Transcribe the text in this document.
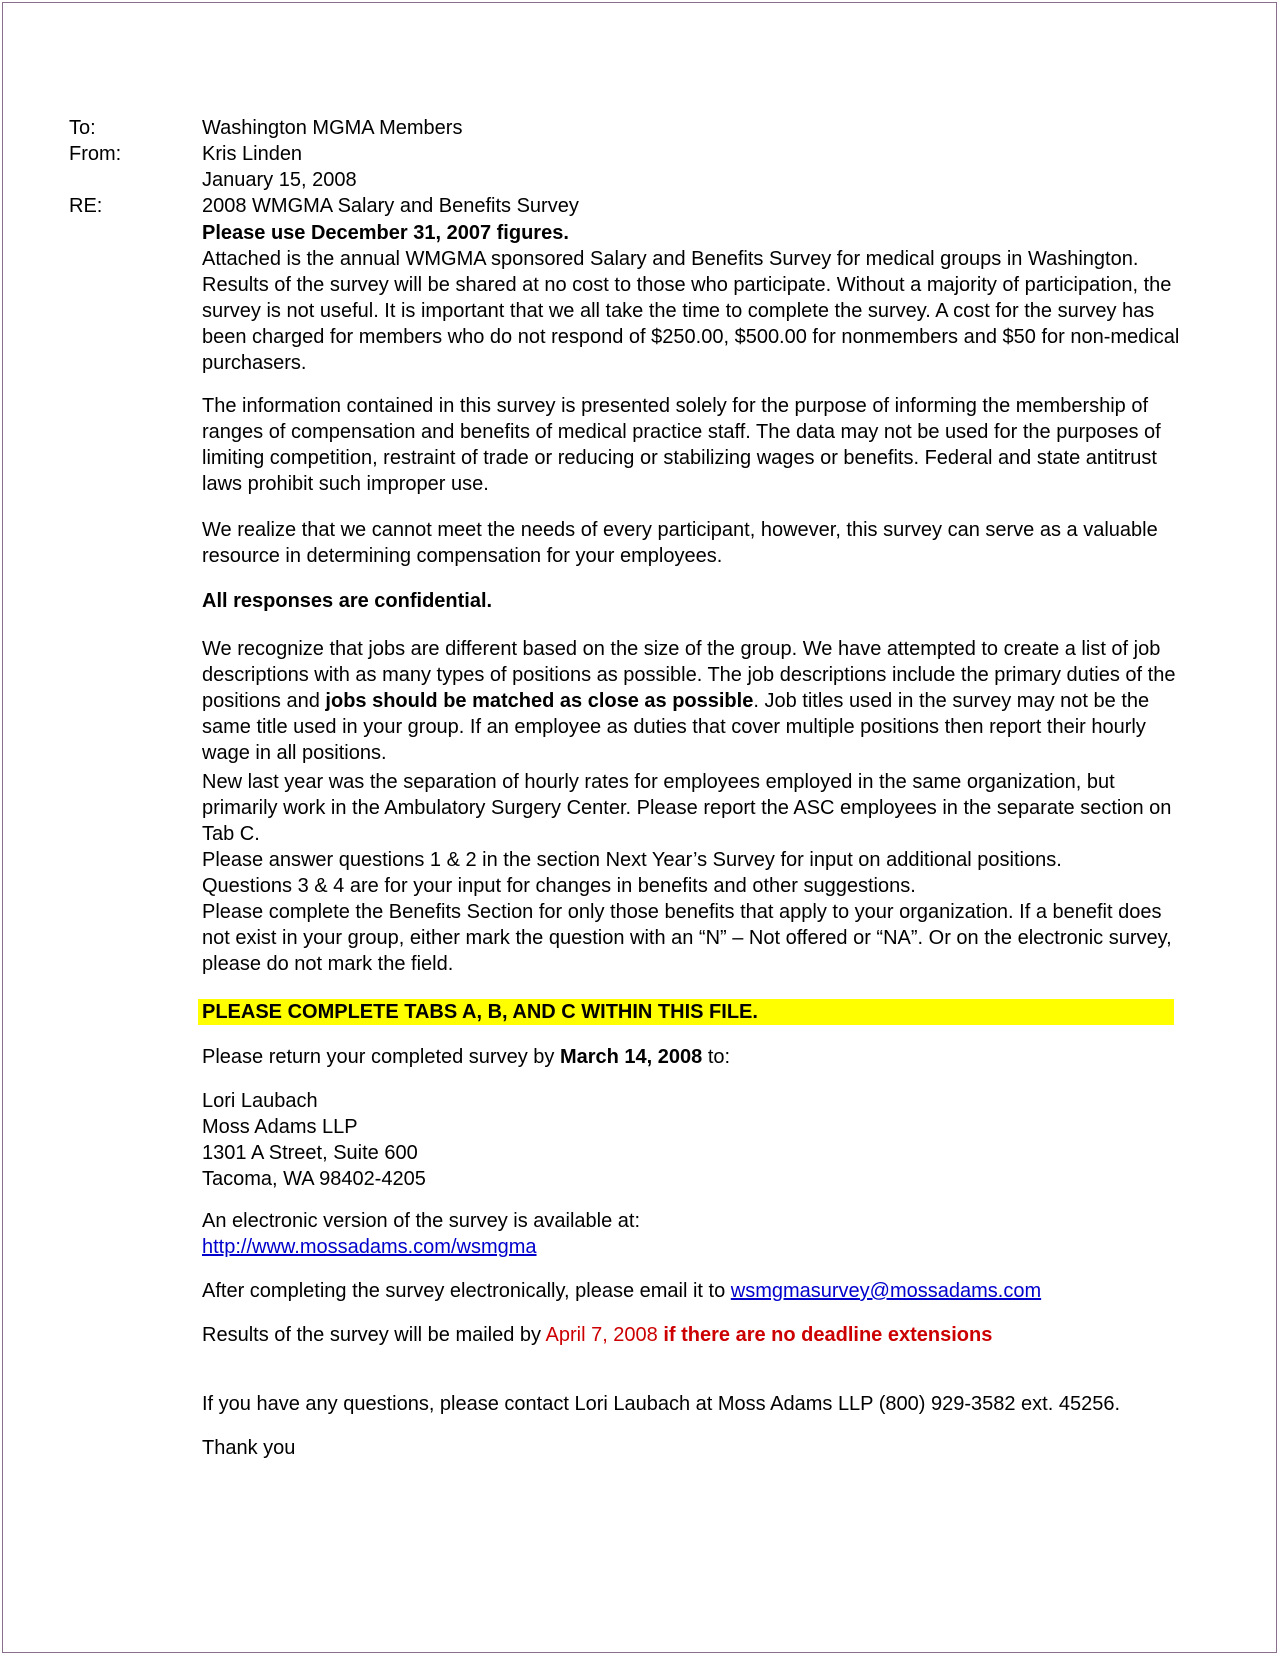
To:
From:
RE:
Washington MGMA Members
Kris Linden
January 15, 2008
2008 WMGMA Salary and Benefits Survey
Please use December 31, 2007 figures.
Attached is the annual WMGMA sponsored Salary and Benefits Survey for medical groups in Washington. Results of the survey will be shared at no cost to those who participate. Without a majority of participation, the survey is not useful. It is important that we all take the time to complete the survey. A cost for the survey has been charged for members who do not respond of $250.00, $500.00 for nonmembers and $50 for non-medical purchasers.
The information contained in this survey is presented solely for the purpose of informing the membership of ranges of compensation and benefits of medical practice staff. The data may not be used for the purposes of limiting competition, restraint of trade or reducing or stabilizing wages or benefits. Federal and state antitrust laws prohibit such improper use.
We realize that we cannot meet the needs of every participant, however, this survey can serve as a valuable resource in determining compensation for your employees.
All responses are confidential.
We recognize that jobs are different based on the size of the group. We have attempted to create a list of job descriptions with as many types of positions as possible. The job descriptions include the primary duties of the positions and jobs should be matched as close as possible. Job titles used in the survey may not be the same title used in your group. If an employee as duties that cover multiple positions then report their hourly wage in all positions.
New last year was the separation of hourly rates for employees employed in the same organization, but primarily work in the Ambulatory Surgery Center. Please report the ASC employees in the separate section on Tab C.
Please answer questions 1 & 2 in the section Next Year’s Survey for input on additional positions.
Questions 3 & 4 are for your input for changes in benefits and other suggestions.
Please complete the Benefits Section for only those benefits that apply to your organization. If a benefit does not exist in your group, either mark the question with an “N” – Not offered or “NA”. Or on the electronic survey, please do not mark the field.
PLEASE COMPLETE TABS A, B, AND C WITHIN THIS FILE.
Please return your completed survey by March 14, 2008 to:
Lori Laubach
Moss Adams LLP
1301 A Street, Suite 600
Tacoma, WA 98402-4205
An electronic version of the survey is available at:
http://www.mossadams.com/wsmgma
After completing the survey electronically, please email it to wsmgmasurvey@mossadams.com
Results of the survey will be mailed by April 7, 2008 if there are no deadline extensions
If you have any questions, please contact Lori Laubach at Moss Adams LLP (800) 929-3582 ext. 45256.
Thank you
